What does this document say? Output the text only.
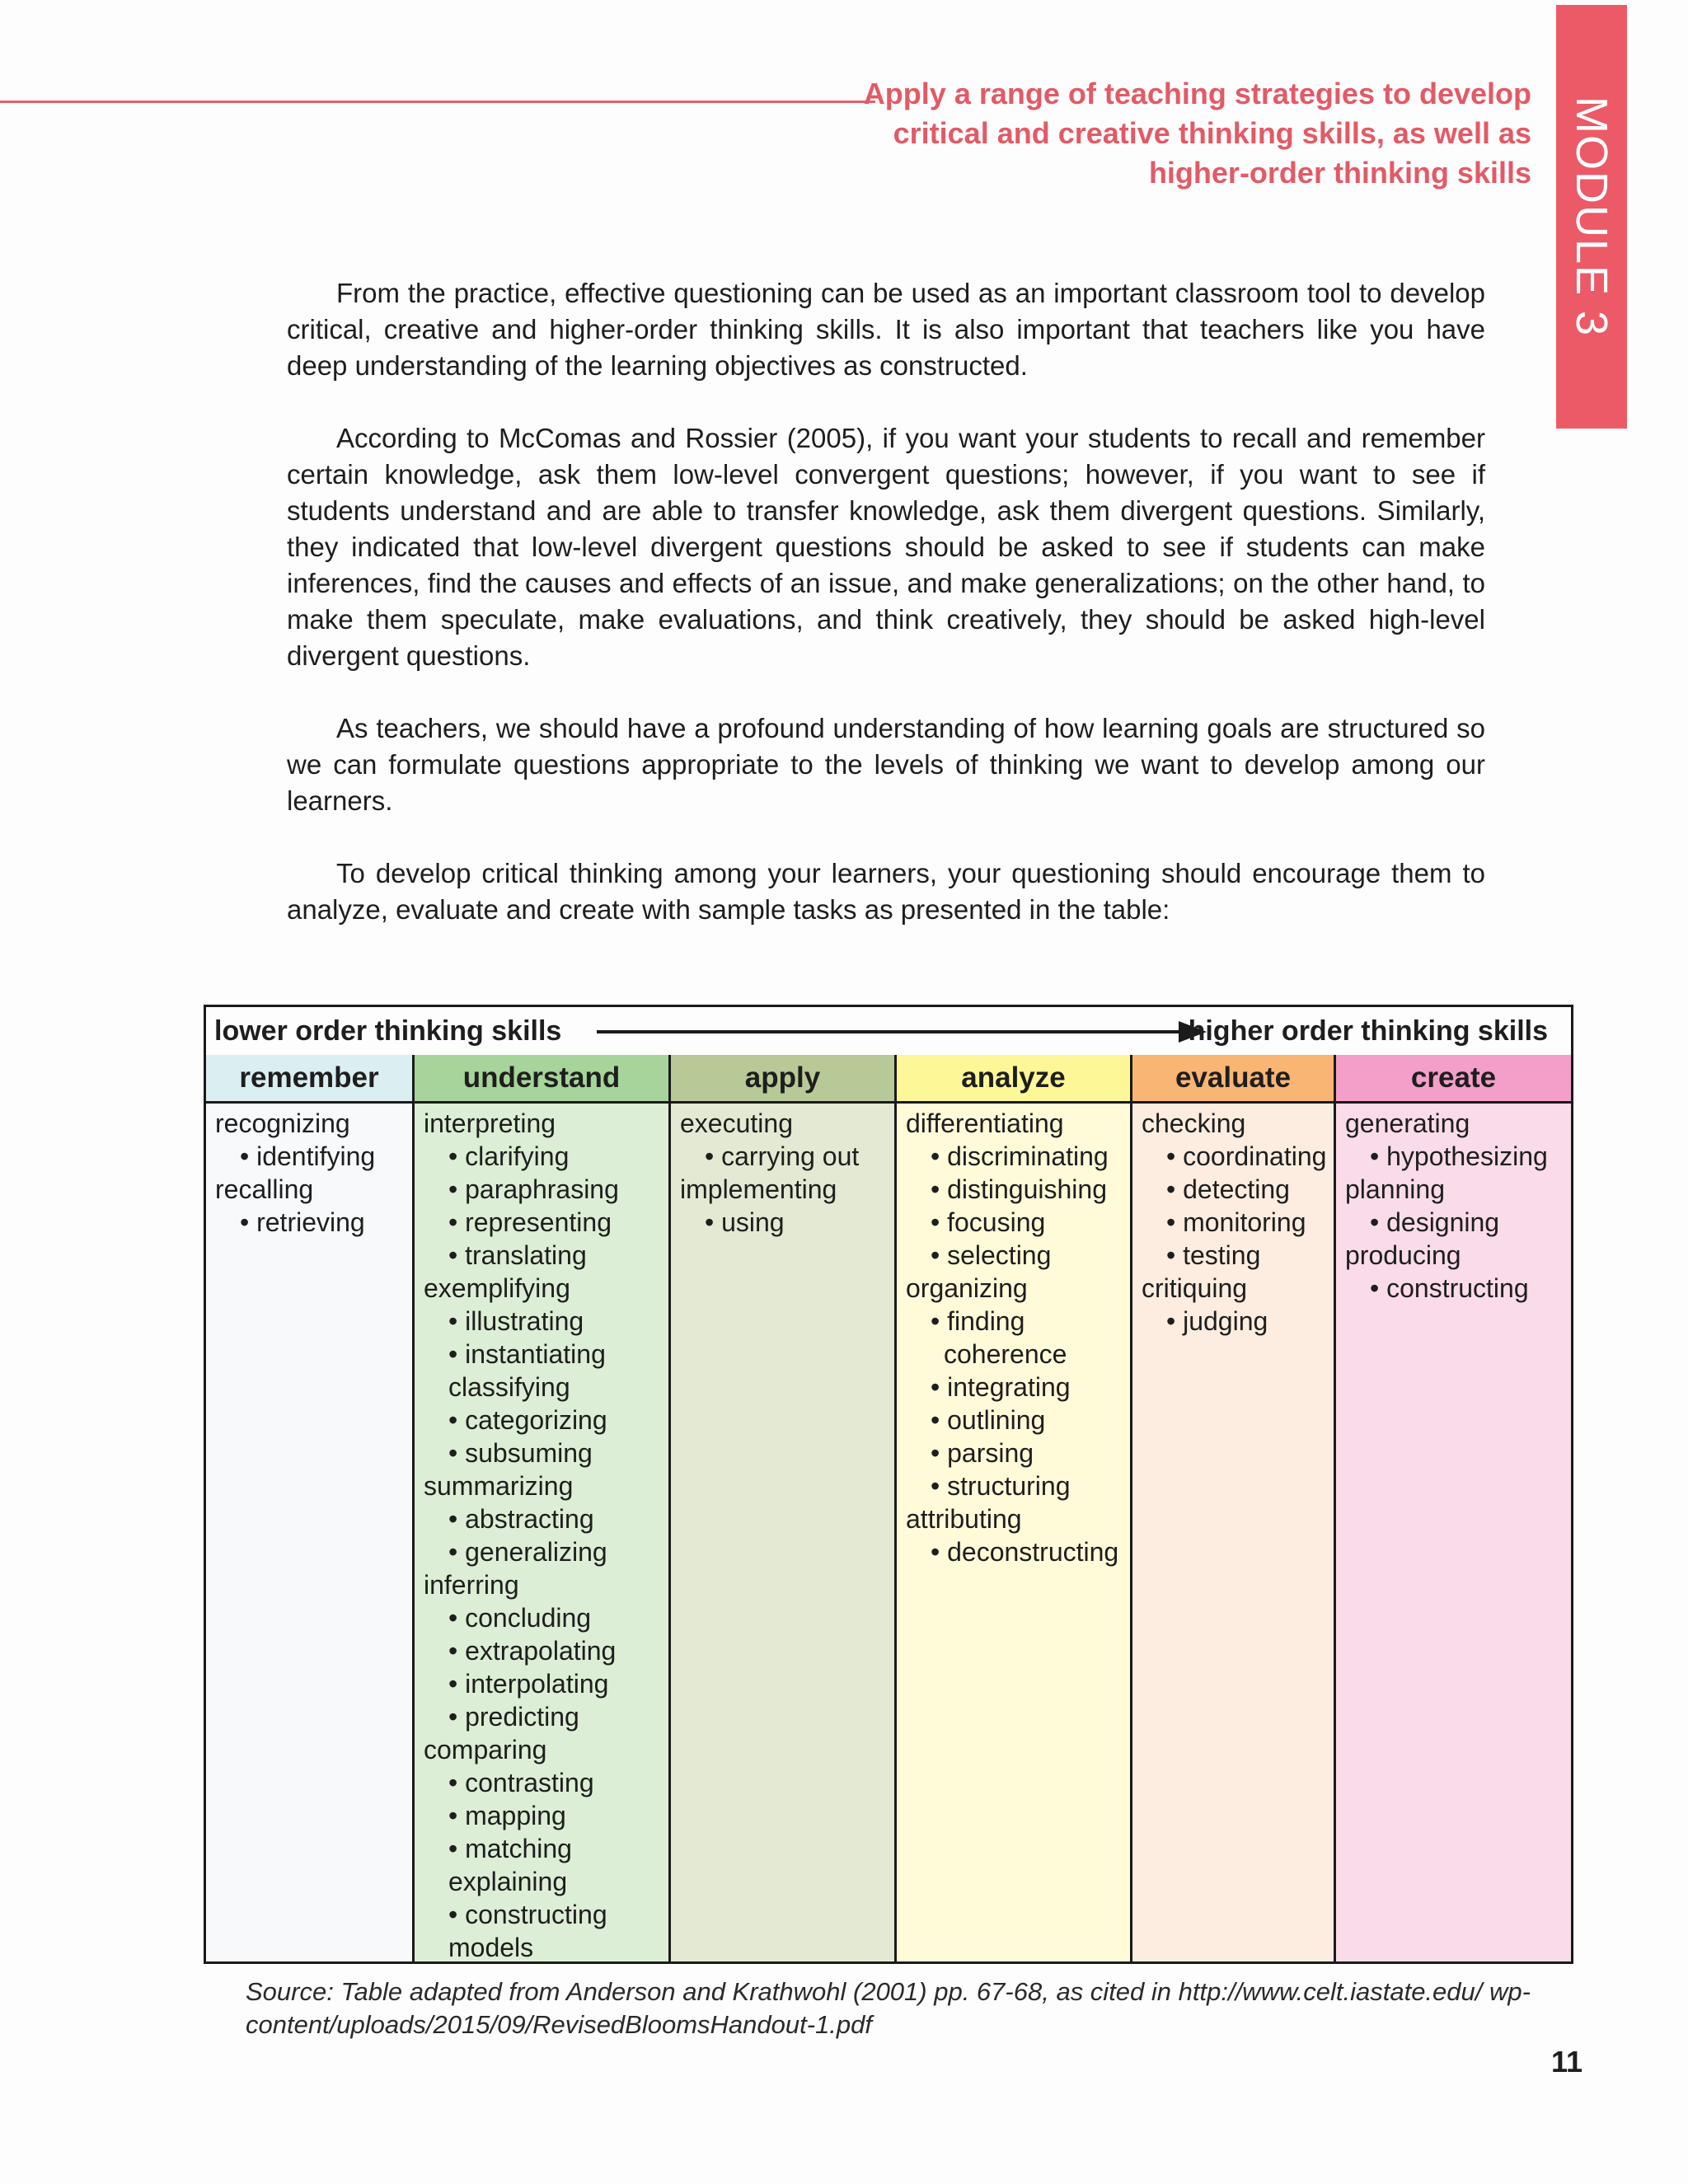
Apply a range of teaching strategies to develop critical and creative thinking skills, as well as higher-order thinking skills MODULE 3

From the practice, effective questioning can be used as an important classroom tool to develop critical, creative and higher-order thinking skills. It is also important that teachers like you have deep understanding of the learning objectives as constructed.

According to McComas and Rossier (2005), if you want your students to recall and remember certain knowledge, ask them low-level convergent questions; however, if you want to see if students understand and are able to transfer knowledge, ask them divergent questions. Similarly, they indicated that low-level divergent questions should be asked to see if students can make inferences, find the causes and effects of an issue, and make generalizations; on the other hand, to make them speculate, make evaluations, and think creatively, they should be asked high-level divergent questions.

As teachers, we should have a profound understanding of how learning goals are structured so we can formulate questions appropriate to the levels of thinking we want to develop among our learners.

To develop critical thinking among your learners, your questioning should encourage them to analyze, evaluate and create with sample tasks as presented in the table:

lower order thinking skills	higher order thinking skills
remember
recognizing
• identifying
recalling
• retrieving
understand
interpreting
• clarifying
• paraphrasing
• representing
• translating
exemplifying
• illustrating
• instantiating
classifying
• categorizing
• subsuming
summarizing
• abstracting
• generalizing
inferring
• concluding
• extrapolating
• interpolating
• predicting
comparing
• contrasting
• mapping
• matching
explaining
• constructing
models
apply
executing
• carrying out
implementing
• using
analyze
differentiating
• discriminating
• distinguishing
• focusing
• selecting
organizing
• finding
coherence
• integrating
• outlining
• parsing
• structuring
attributing
• deconstructing
evaluate
checking
• coordinating
• detecting
• monitoring
• testing
critiquing
• judging
create
generating
• hypothesizing
planning
• designing
producing
• constructing
Source: Table adapted from Anderson and Krathwohl (2001) pp. 67-68, as cited in http://www.celt.iastate.edu/ wp-content/uploads/2015/09/RevisedBloomsHandout-1.pdf
11
